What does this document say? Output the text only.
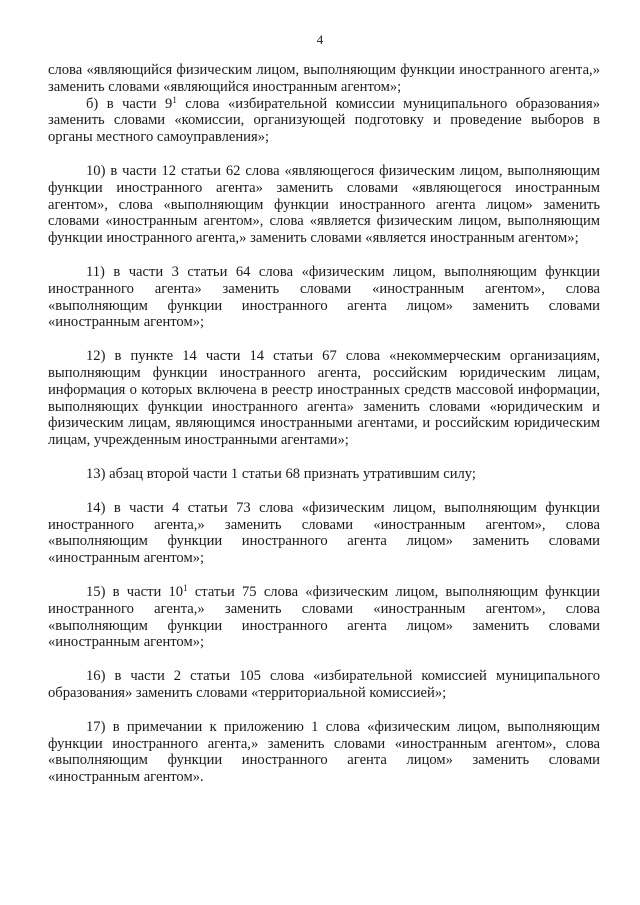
4

слова «являющийся физическим лицом, выполняющим функции иностранного агента,» заменить словами «являющийся иностранным агентом»;

б) в части $9^1$ слова «избирательной комиссии муниципального образования» заменить словами «комиссии, организующей подготовку и проведение выборов в органы местного самоуправления»;

10) в части 12 статьи 62 слова «являющегося физическим лицом, выполняющим функции иностранного агента» заменить словами «являющегося иностранным агентом», слова «выполняющим функции иностранного агента лицом» заменить словами «иностранным агентом», слова «является физическим лицом, выполняющим функции иностранного агента,» заменить словами «является иностранным агентом»;

11) в части 3 статьи 64 слова «физическим лицом, выполняющим функции иностранного агента» заменить словами «иностранным агентом», слова «выполняющим функции иностранного агента лицом» заменить словами «иностранным агентом»;

12) в пункте 14 части 14 статьи 67 слова «некоммерческим организациям, выполняющим функции иностранного агента, российским юридическим лицам, информация о которых включена в реестр иностранных средств массовой информации, выполняющих функции иностранного агента» заменить словами «юридическим и физическим лицам, являющимся иностранными агентами, и российским юридическим лицам, учрежденным иностранными агентами»;

13) абзац второй части 1 статьи 68 признать утратившим силу;

14) в части 4 статьи 73 слова «физическим лицом, выполняющим функции иностранного агента,» заменить словами «иностранным агентом», слова «выполняющим функции иностранного агента лицом» заменить словами «иностранным агентом»;

15) в части $10^1$ статьи 75 слова «физическим лицом, выполняющим функции иностранного агента,» заменить словами «иностранным агентом», слова «выполняющим функции иностранного агента лицом» заменить словами «иностранным агентом»;

16) в части 2 статьи 105 слова «избирательной комиссией муниципального образования» заменить словами «территориальной комиссией»;

17) в примечании к приложению 1 слова «физическим лицом, выполняющим функции иностранного агента,» заменить словами «иностранным агентом», слова «выполняющим функции иностранного агента лицом» заменить словами «иностранным агентом».
